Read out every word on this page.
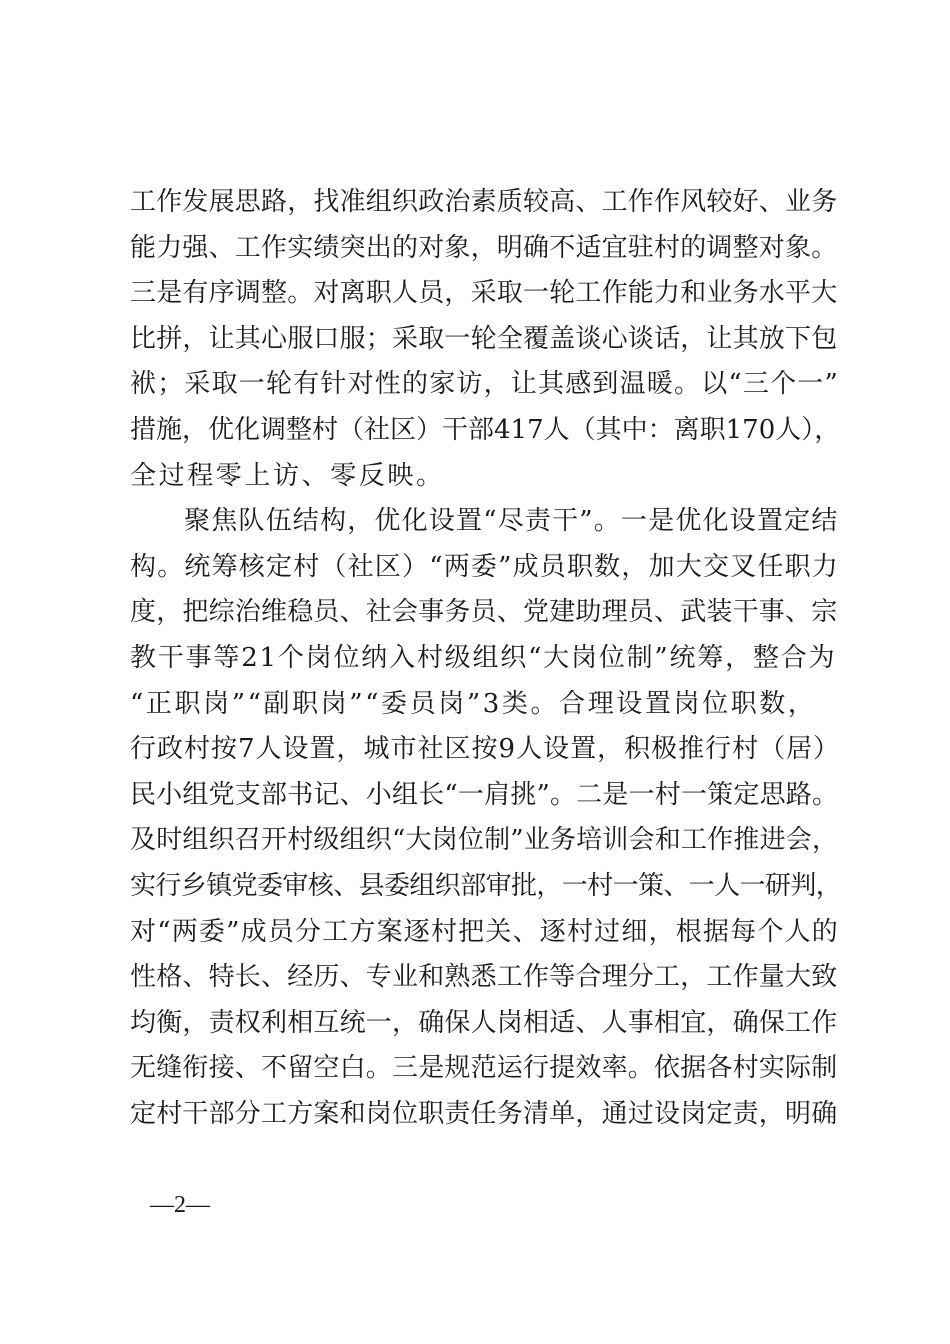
工作发展思路，找准组织政治素质较高、工作作风较好、业务
能力强、工作实绩突出的对象，明确不适宜驻村的调整对象。
三是有序调整。对离职人员，采取一轮工作能力和业务水平大
比拼，让其心服口服；采取一轮全覆盖谈心谈话，让其放下包
袱；采取一轮有针对性的家访，让其感到温暖。以“三个一”
措施，优化调整村（社区）干部417人（其中：离职170人），
全过程零上访、零反映。
聚焦队伍结构，优化设置“尽责干”。一是优化设置定结
构。统筹核定村（社区）“两委”成员职数，加大交叉任职力
度，把综治维稳员、社会事务员、党建助理员、武装干事、宗
教干事等21个岗位纳入村级组织“大岗位制”统筹，整合为
“正职岗”“副职岗”“委员岗”3类。合理设置岗位职数，
行政村按7人设置，城市社区按9人设置，积极推行村（居）
民小组党支部书记、小组长“一肩挑”。二是一村一策定思路。
及时组织召开村级组织“大岗位制”业务培训会和工作推进会，
实行乡镇党委审核、县委组织部审批，一村一策、一人一研判，
对“两委”成员分工方案逐村把关、逐村过细，根据每个人的
性格、特长、经历、专业和熟悉工作等合理分工，工作量大致
均衡，责权利相互统一，确保人岗相适、人事相宜，确保工作
无缝衔接、不留空白。三是规范运行提效率。依据各村实际制
定村干部分工方案和岗位职责任务清单，通过设岗定责，明确
—2—
